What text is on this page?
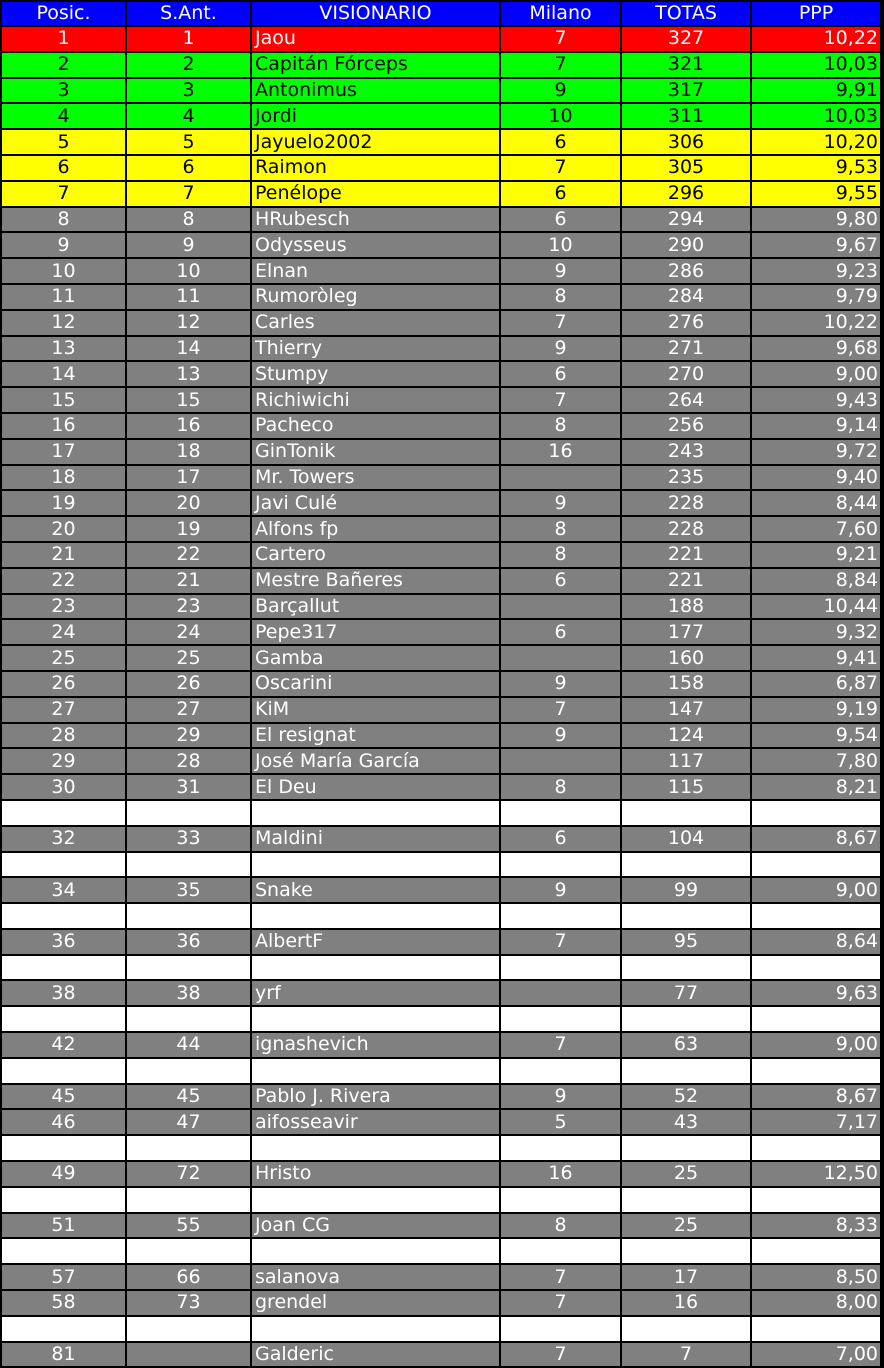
Posic.	S.Ant.	VISIONARIO	Milano	TOTAS	PPP
1	1	Jaou	7	327	10,22
2	2	Capitán Fórceps	7	321	10,03
3	3	Antonimus	9	317	9,91
4	4	Jordi	10	311	10,03
5	5	Jayuelo2002	6	306	10,20
6	6	Raimon	7	305	9,53
7	7	Penélope	6	296	9,55
8	8	HRubesch	6	294	9,80
9	9	Odysseus	10	290	9,67
10	10	Elnan	9	286	9,23
11	11	Rumoròleg	8	284	9,79
12	12	Carles	7	276	10,22
13	14	Thierry	9	271	9,68
14	13	Stumpy	6	270	9,00
15	15	Richiwichi	7	264	9,43
16	16	Pacheco	8	256	9,14
17	18	GinTonik	16	243	9,72
18	17	Mr. Towers		235	9,40
19	20	Javi Culé	9	228	8,44
20	19	Alfons fp	8	228	7,60
21	22	Cartero	8	221	9,21
22	21	Mestre Bañeres	6	221	8,84
23	23	Barçallut		188	10,44
24	24	Pepe317	6	177	9,32
25	25	Gamba		160	9,41
26	26	Oscarini	9	158	6,87
27	27	KiM	7	147	9,19
28	29	El resignat	9	124	9,54
29	28	José María García		117	7,80
30	31	El Deu	8	115	8,21

32	33	Maldini	6	104	8,67

34	35	Snake	9	99	9,00

36	36	AlbertF	7	95	8,64

38	38	yrf		77	9,63

42	44	ignashevich	7	63	9,00

45	45	Pablo J. Rivera	9	52	8,67
46	47	aifosseavir	5	43	7,17

49	72	Hristo	16	25	12,50

51	55	Joan CG	8	25	8,33

57	66	salanova	7	17	8,50
58	73	grendel	7	16	8,00

81		Galderic	7	7	7,00
